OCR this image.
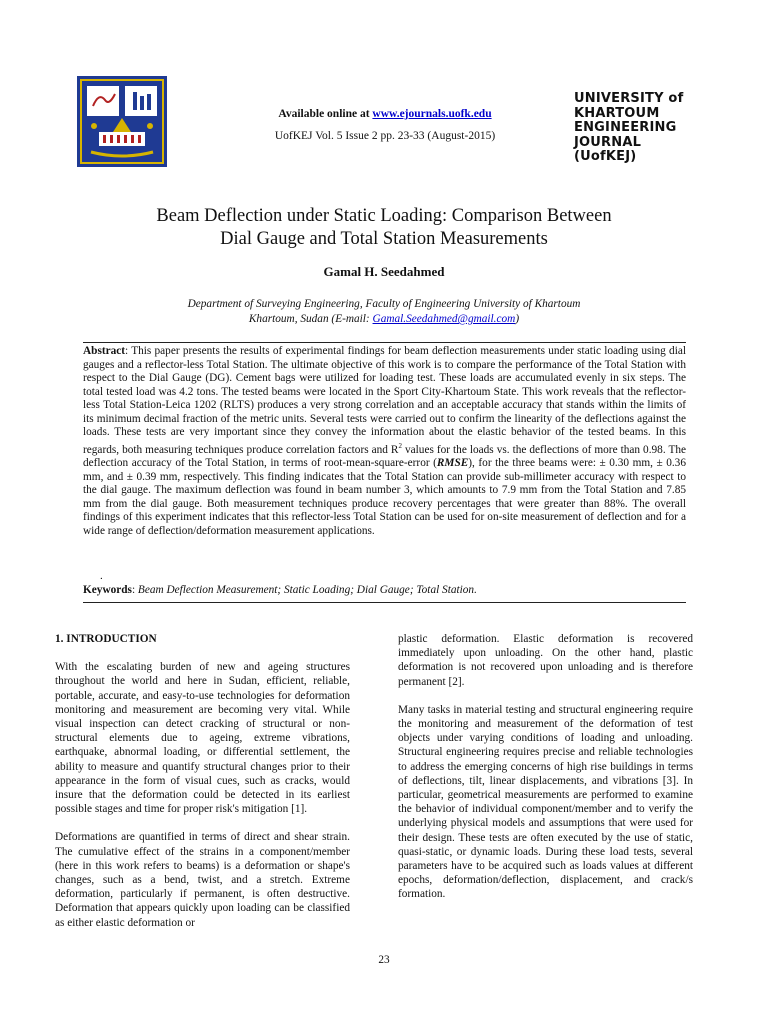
Available online at www.ejournals.uofk.edu
UofKEJ Vol. 5 Issue 2 pp. 23-33 (August-2015)
UNIVERSITY of
KHARTOUM
ENGINEERING
JOURNAL
(UofKEJ)
Beam Deflection under Static Loading: Comparison Between
Dial Gauge and Total Station Measurements
Gamal H. Seedahmed
Department of Surveying Engineering, Faculty of Engineering University of Khartoum
Khartoum, Sudan (E-mail: Gamal.Seedahmed@gmail.com)
Abstract: This paper presents the results of experimental findings for beam deflection measurements under static loading using dial gauges and a reflector-less Total Station. The ultimate objective of this work is to compare the performance of the Total Station with respect to the Dial Gauge (DG). Cement bags were utilized for loading test. These loads are accumulated evenly in six steps. The total tested load was 4.2 tons. The tested beams were located in the Sport City-Khartoum State. This work reveals that the reflector-less Total Station-Leica 1202 (RLTS) produces a very strong correlation and an acceptable accuracy that stands within the limits of its minimum decimal fraction of the metric units. Several tests were carried out to confirm the linearity of the deflections against the loads. These tests are very important since they convey the information about the elastic behavior of the tested beams. In this regards, both measuring techniques produce correlation factors and $R^2$ values for the loads vs. the deflections of more than 0.98. The deflection accuracy of the Total Station, in terms of root-mean-square-error (RMSE), for the three beams were: ± 0.30 mm, ± 0.36 mm, and ± 0.39 mm, respectively. This finding indicates that the Total Station can provide sub-millimeter accuracy with respect to the dial gauge. The maximum deflection was found in beam number 3, which amounts to 7.9 mm from the Total Station and 7.85 mm from the dial gauge. Both measurement techniques produce recovery percentages that were greater than 88%. The overall findings of this experiment indicates that this reflector-less Total Station can be used for on-site measurement of deflection and for a wide range of deflection/deformation measurement applications.
.
Keywords: Beam Deflection Measurement; Static Loading; Dial Gauge; Total Station.
1. INTRODUCTION

With the escalating burden of new and ageing structures throughout the world and here in Sudan, efficient, reliable, portable, accurate, and easy-to-use technologies for deformation monitoring and measurement are becoming very vital. While visual inspection can detect cracking of structural or non-structural elements due to ageing, extreme vibrations, earthquake, abnormal loading, or differential settlement, the ability to measure and quantify structural changes prior to their appearance in the form of visual cues, such as cracks, would insure that the deformation could be detected in its earliest possible stages and time for proper risk's mitigation [1].

Deformations are quantified in terms of direct and shear strain. The cumulative effect of the strains in a component/member (here in this work refers to beams) is a deformation or shape's changes, such as a bend, twist, and a stretch. Extreme deformation, particularly if permanent, is often destructive. Deformation that appears quickly upon loading can be classified as either elastic deformation or

plastic deformation. Elastic deformation is recovered immediately upon unloading. On the other hand, plastic deformation is not recovered upon unloading and is therefore permanent [2].

Many tasks in material testing and structural engineering require the monitoring and measurement of the deformation of test objects under varying conditions of loading and unloading. Structural engineering requires precise and reliable technologies to address the emerging concerns of high rise buildings in terms of deflections, tilt, linear displacements, and vibrations [3]. In particular, geometrical measurements are performed to examine the behavior of individual component/member and to verify the underlying physical models and assumptions that were used for their design. These tests are often executed by the use of static, quasi-static, or dynamic loads. During these load tests, several parameters have to be acquired such as loads values at different epochs, deformation/deflection, displacement, and crack/s formation.

23
